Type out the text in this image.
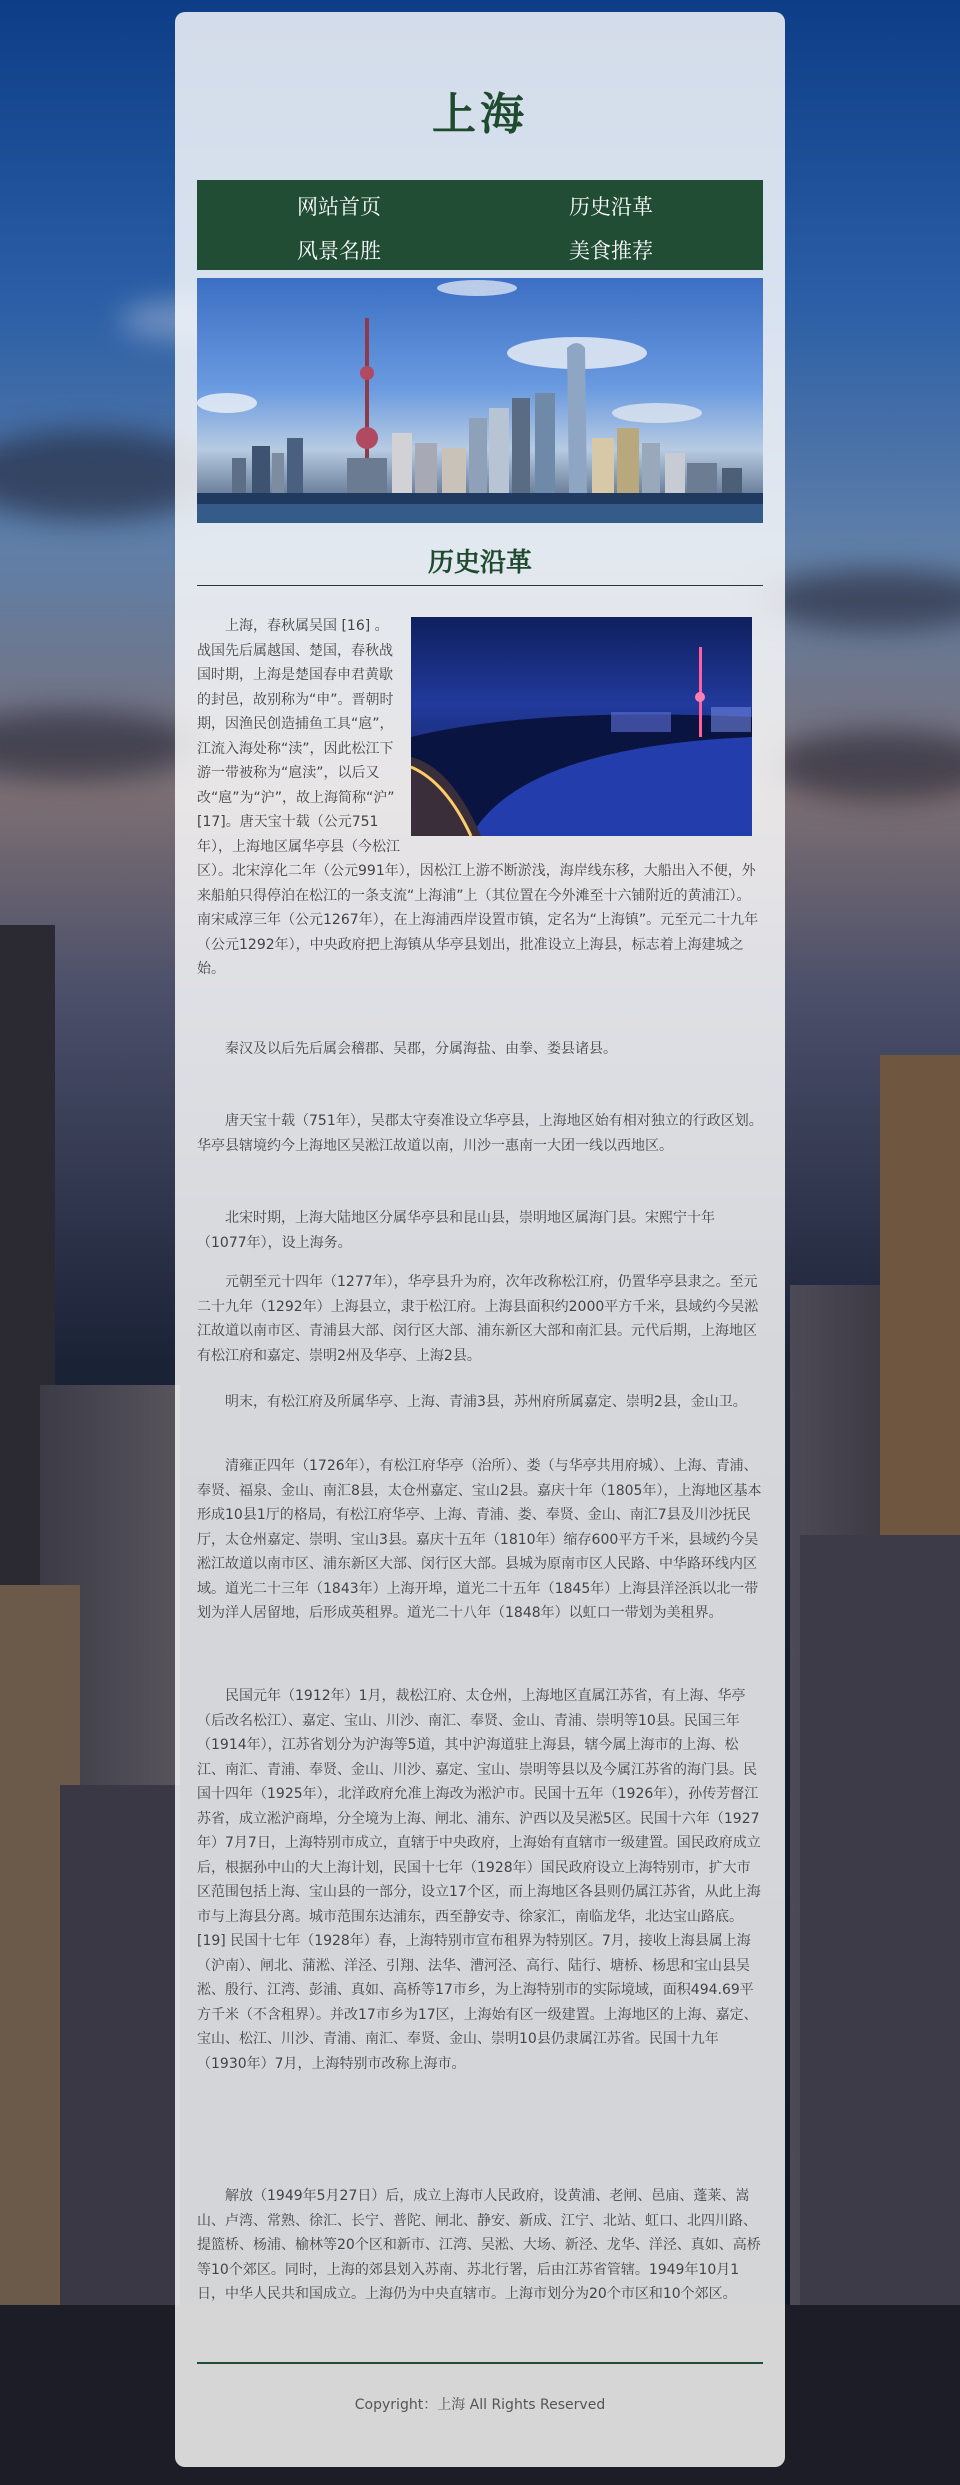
上海
网站首页	历史沿革
风景名胜	美食推荐
历史沿革
上海，春秋属吴国 [16] 。战国先后属越国、楚国，春秋战国时期，上海是楚国春申君黄歇的封邑，故别称为“申”。晋朝时期，因渔民创造捕鱼工具“扈”，江流入海处称“渎”，因此松江下游一带被称为“扈渎”，以后又改“扈”为“沪”，故上海简称“沪” [17]。唐天宝十载（公元751年），上海地区属华亭县（今松江区）。北宋淳化二年（公元991年），因松江上游不断淤浅，海岸线东移，大船出入不便，外来船舶只得停泊在松江的一条支流“上海浦”上（其位置在今外滩至十六铺附近的黄浦江）。南宋咸淳三年（公元1267年），在上海浦西岸设置市镇，定名为“上海镇”。元至元二十九年（公元1292年），中央政府把上海镇从华亭县划出，批准设立上海县，标志着上海建城之始。

秦汉及以后先后属会稽郡、吴郡，分属海盐、由拳、娄县诸县。

唐天宝十载（751年），吴郡太守奏准设立华亭县，上海地区始有相对独立的行政区划。华亭县辖境约今上海地区吴淞江故道以南，川沙一惠南一大团一线以西地区。

北宋时期，上海大陆地区分属华亭县和昆山县，崇明地区属海门县。宋熙宁十年（1077年），设上海务。

元朝至元十四年（1277年），华亭县升为府，次年改称松江府，仍置华亭县隶之。至元二十九年（1292年）上海县立，隶于松江府。上海县面积约2000平方千米，县域约今吴淞江故道以南市区、青浦县大部、闵行区大部、浦东新区大部和南汇县。元代后期，上海地区有松江府和嘉定、崇明2州及华亭、上海2县。

明末，有松江府及所属华亭、上海、青浦3县，苏州府所属嘉定、崇明2县，金山卫。

清雍正四年（1726年），有松江府华亭（治所）、娄（与华亭共用府城）、上海、青浦、奉贤、福泉、金山、南汇8县，太仓州嘉定、宝山2县。嘉庆十年（1805年），上海地区基本形成10县1厅的格局，有松江府华亭、上海、青浦、娄、奉贤、金山、南汇7县及川沙抚民厅，太仓州嘉定、崇明、宝山3县。嘉庆十五年（1810年）缩存600平方千米，县域约今吴淞江故道以南市区、浦东新区大部、闵行区大部。县城为原南市区人民路、中华路环线内区域。道光二十三年（1843年）上海开埠，道光二十五年（1845年）上海县洋泾浜以北一带划为洋人居留地，后形成英租界。道光二十八年（1848年）以虹口一带划为美租界。

民国元年（1912年）1月，裁松江府、太仓州，上海地区直属江苏省，有上海、华亭（后改名松江）、嘉定、宝山、川沙、南汇、奉贤、金山、青浦、崇明等10县。民国三年（1914年），江苏省划分为沪海等5道，其中沪海道驻上海县，辖今属上海市的上海、松江、南汇、青浦、奉贤、金山、川沙、嘉定、宝山、崇明等县以及今属江苏省的海门县。民国十四年（1925年），北洋政府允准上海改为淞沪市。民国十五年（1926年），孙传芳督江苏省，成立淞沪商埠，分全境为上海、闸北、浦东、沪西以及吴淞5区。民国十六年（1927年）7月7日，上海特别市成立，直辖于中央政府，上海始有直辖市一级建置。国民政府成立后，根据孙中山的大上海计划，民国十七年（1928年）国民政府设立上海特别市，扩大市区范围包括上海、宝山县的一部分，设立17个区，而上海地区各县则仍属江苏省，从此上海市与上海县分离。城市范围东达浦东，西至静安寺、徐家汇，南临龙华，北达宝山路底。[19] 民国十七年（1928年）春，上海特别市宣布租界为特别区。7月，接收上海县属上海（沪南）、闸北、蒲淞、洋泾、引翔、法华、漕河泾、高行、陆行、塘桥、杨思和宝山县吴淞、殷行、江湾、彭浦、真如、高桥等17市乡，为上海特别市的实际境域，面积494.69平方千米（不含租界）。并改17市乡为17区，上海始有区一级建置。上海地区的上海、嘉定、宝山、松江、川沙、青浦、南汇、奉贤、金山、崇明10县仍隶属江苏省。民国十九年（1930年）7月，上海特别市改称上海市。

解放（1949年5月27日）后，成立上海市人民政府，设黄浦、老闸、邑庙、蓬莱、嵩山、卢湾、常熟、徐汇、长宁、普陀、闸北、静安、新成、江宁、北站、虹口、北四川路、提篮桥、杨浦、榆林等20个区和新市、江湾、吴淞、大场、新泾、龙华、洋泾、真如、高桥等10个郊区。同时，上海的郊县划入苏南、苏北行署，后由江苏省管辖。1949年10月1日，中华人民共和国成立。上海仍为中央直辖市。上海市划分为20个市区和10个郊区。

Copyright：上海 All Rights Reserved
